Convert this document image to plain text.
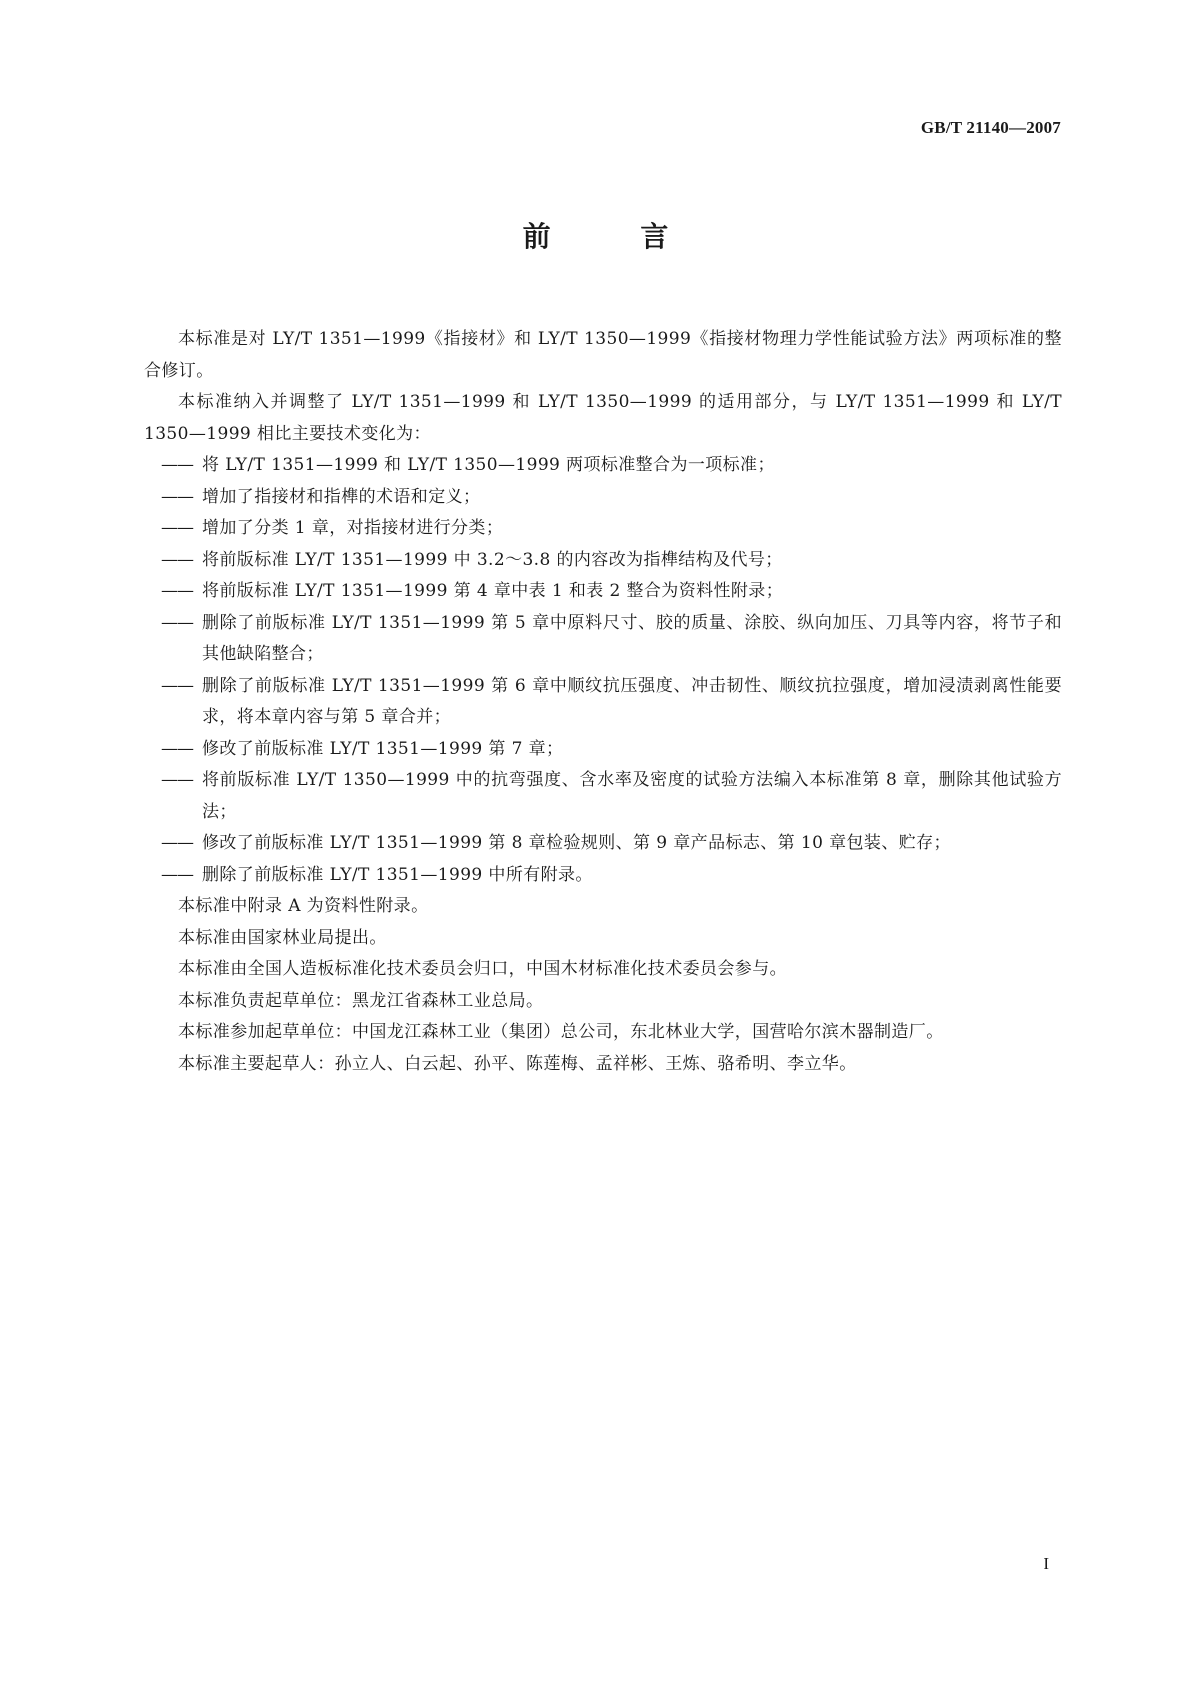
GB/T 21140—2007
前 言

本标准是对 LY/T 1351—1999《指接材》和 LY/T 1350—1999《指接材物理力学性能试验方法》两项标准的整合修订。

本标准纳入并调整了 LY/T 1351—1999 和 LY/T 1350—1999 的适用部分，与 LY/T 1351—1999 和 LY/T 1350—1999 相比主要技术变化为：

—— 将 LY/T 1351—1999 和 LY/T 1350—1999 两项标准整合为一项标准；
—— 增加了指接材和指榫的术语和定义；
—— 增加了分类 1 章，对指接材进行分类；
—— 将前版标准 LY/T 1351—1999 中 3.2～3.8 的内容改为指榫结构及代号；
—— 将前版标准 LY/T 1351—1999 第 4 章中表 1 和表 2 整合为资料性附录；
—— 删除了前版标准 LY/T 1351—1999 第 5 章中原料尺寸、胶的质量、涂胶、纵向加压、刀具等内容，将节子和其他缺陷整合；
—— 删除了前版标准 LY/T 1351—1999 第 6 章中顺纹抗压强度、冲击韧性、顺纹抗拉强度，增加浸渍剥离性能要求，将本章内容与第 5 章合并；
—— 修改了前版标准 LY/T 1351—1999 第 7 章；
—— 将前版标准 LY/T 1350—1999 中的抗弯强度、含水率及密度的试验方法编入本标准第 8 章，删除其他试验方法；
—— 修改了前版标准 LY/T 1351—1999 第 8 章检验规则、第 9 章产品标志、第 10 章包装、贮存；
—— 删除了前版标准 LY/T 1351—1999 中所有附录。

本标准中附录 A 为资料性附录。

本标准由国家林业局提出。

本标准由全国人造板标准化技术委员会归口，中国木材标准化技术委员会参与。

本标准负责起草单位：黑龙江省森林工业总局。

本标准参加起草单位：中国龙江森林工业（集团）总公司，东北林业大学，国营哈尔滨木器制造厂。

本标准主要起草人：孙立人、白云起、孙平、陈莲梅、孟祥彬、王炼、骆希明、李立华。

I
